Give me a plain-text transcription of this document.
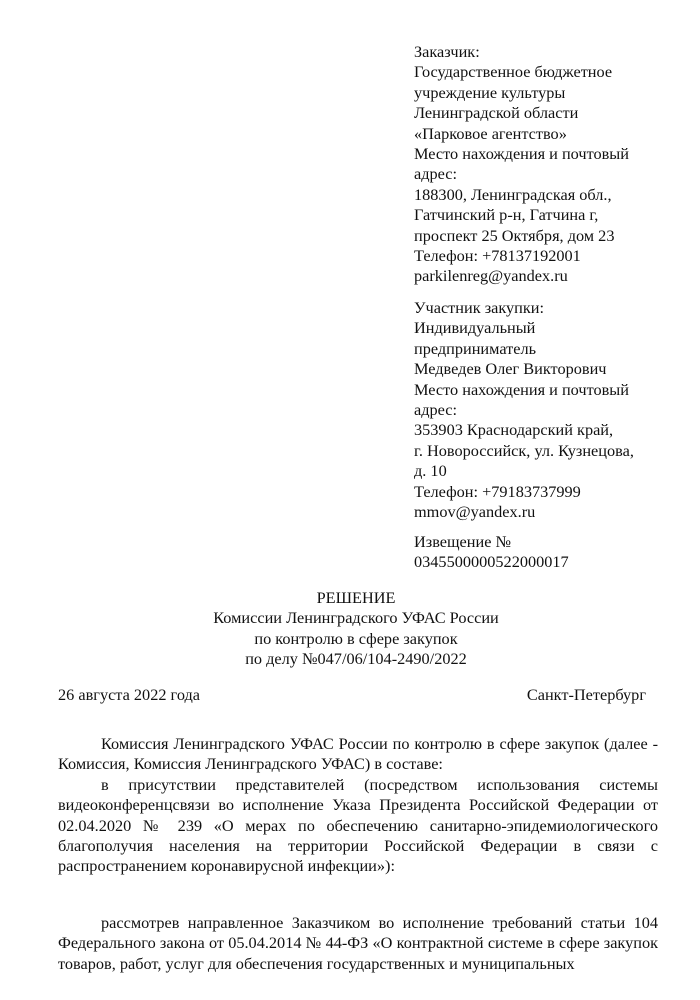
Заказчик:
Государственное бюджетное
учреждение культуры
Ленинградской области
«Парковое агентство»
Место нахождения и почтовый
адрес:
188300, Ленинградская обл.,
Гатчинский р-н, Гатчина г,
проспект 25 Октября, дом 23
Телефон: +78137192001
parkilenreg@yandex.ru
Участник закупки:
Индивидуальный
предприниматель
Медведев Олег Викторович
Место нахождения и почтовый
адрес:
353903 Краснодарский край,
г. Новороссийск, ул. Кузнецова,
д. 10
Телефон: +79183737999
mmov@yandex.ru
Извещение №
0345500000522000017
РЕШЕНИЕ
Комиссии Ленинградского УФАС России
по контролю в сфере закупок
по делу №047/06/104-2490/2022
26 августа 2022 года	Санкт-Петербург

Комиссия Ленинградского УФАС России по контролю в сфере закупок (далее - Комиссия, Комиссия Ленинградского УФАС) в составе:

в присутствии представителей (посредством использования системы видеоконференцсвязи во исполнение Указа Президента Российской Федерации от 02.04.2020 № 239 «О мерах по обеспечению санитарно-эпидемиологического благополучия населения на территории Российской Федерации в связи с распространением коронавирусной инфекции»):

рассмотрев направленное Заказчиком во исполнение требований статьи 104 Федерального закона от 05.04.2014 № 44-ФЗ «О контрактной системе в сфере закупок товаров, работ, услуг для обеспечения государственных и муниципальных
